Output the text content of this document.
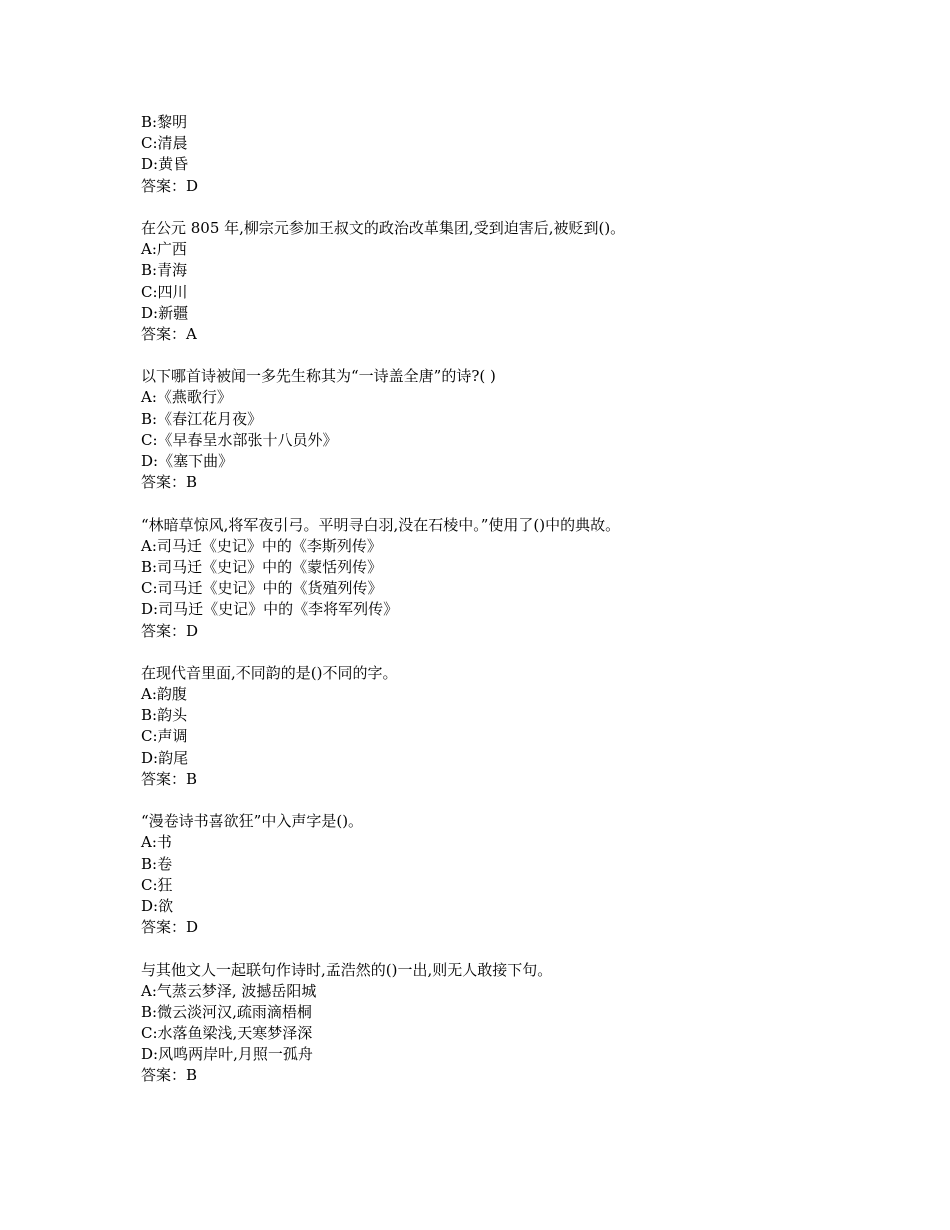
B:黎明
C:清晨
D:黄昏
答案：D
在公元 805 年,柳宗元参加王叔文的政治改革集团,受到迫害后,被贬到()。
A:广西
B:青海
C:四川
D:新疆
答案：A
以下哪首诗被闻一多先生称其为“一诗盖全唐”的诗?( )
A:《燕歌行》
B:《春江花月夜》
C:《早春呈水部张十八员外》
D:《塞下曲》
答案：B
“林暗草惊风,将军夜引弓。平明寻白羽,没在石棱中。”使用了()中的典故。
A:司马迁《史记》中的《李斯列传》
B:司马迁《史记》中的《蒙恬列传》
C:司马迁《史记》中的《货殖列传》
D:司马迁《史记》中的《李将军列传》
答案：D
在现代音里面,不同韵的是()不同的字。
A:韵腹
B:韵头
C:声调
D:韵尾
答案：B
“漫卷诗书喜欲狂”中入声字是()。
A:书
B:卷
C:狂
D:欲
答案：D
与其他文人一起联句作诗时,孟浩然的()一出,则无人敢接下句。
A:气蒸云梦泽, 波撼岳阳城
B:微云淡河汉,疏雨滴梧桐
C:水落鱼梁浅,天寒梦泽深
D:风鸣两岸叶,月照一孤舟
答案：B
